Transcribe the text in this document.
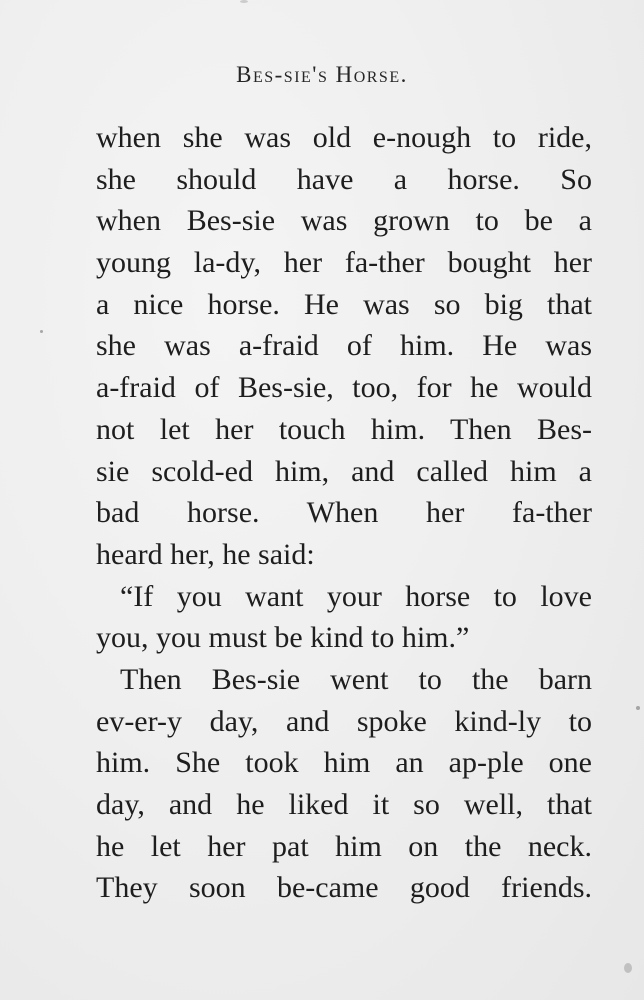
Bes-sie's Horse.
when she was old e-nough to ride,
she should have a horse. So
when Bes-sie was grown to be a
young la-dy, her fa-ther bought her
a nice horse. He was so big that
she was a-fraid of him. He was
a-fraid of Bes-sie, too, for he would
not let her touch him. Then Bes-
sie scold-ed him, and called him a
bad horse. When her fa-ther
heard her, he said:
“If you want your horse to love
you, you must be kind to him.”
Then Bes-sie went to the barn
ev-er-y day, and spoke kind-ly to
him. She took him an ap-ple one
day, and he liked it so well, that
he let her pat him on the neck.
They soon be-came good friends.
